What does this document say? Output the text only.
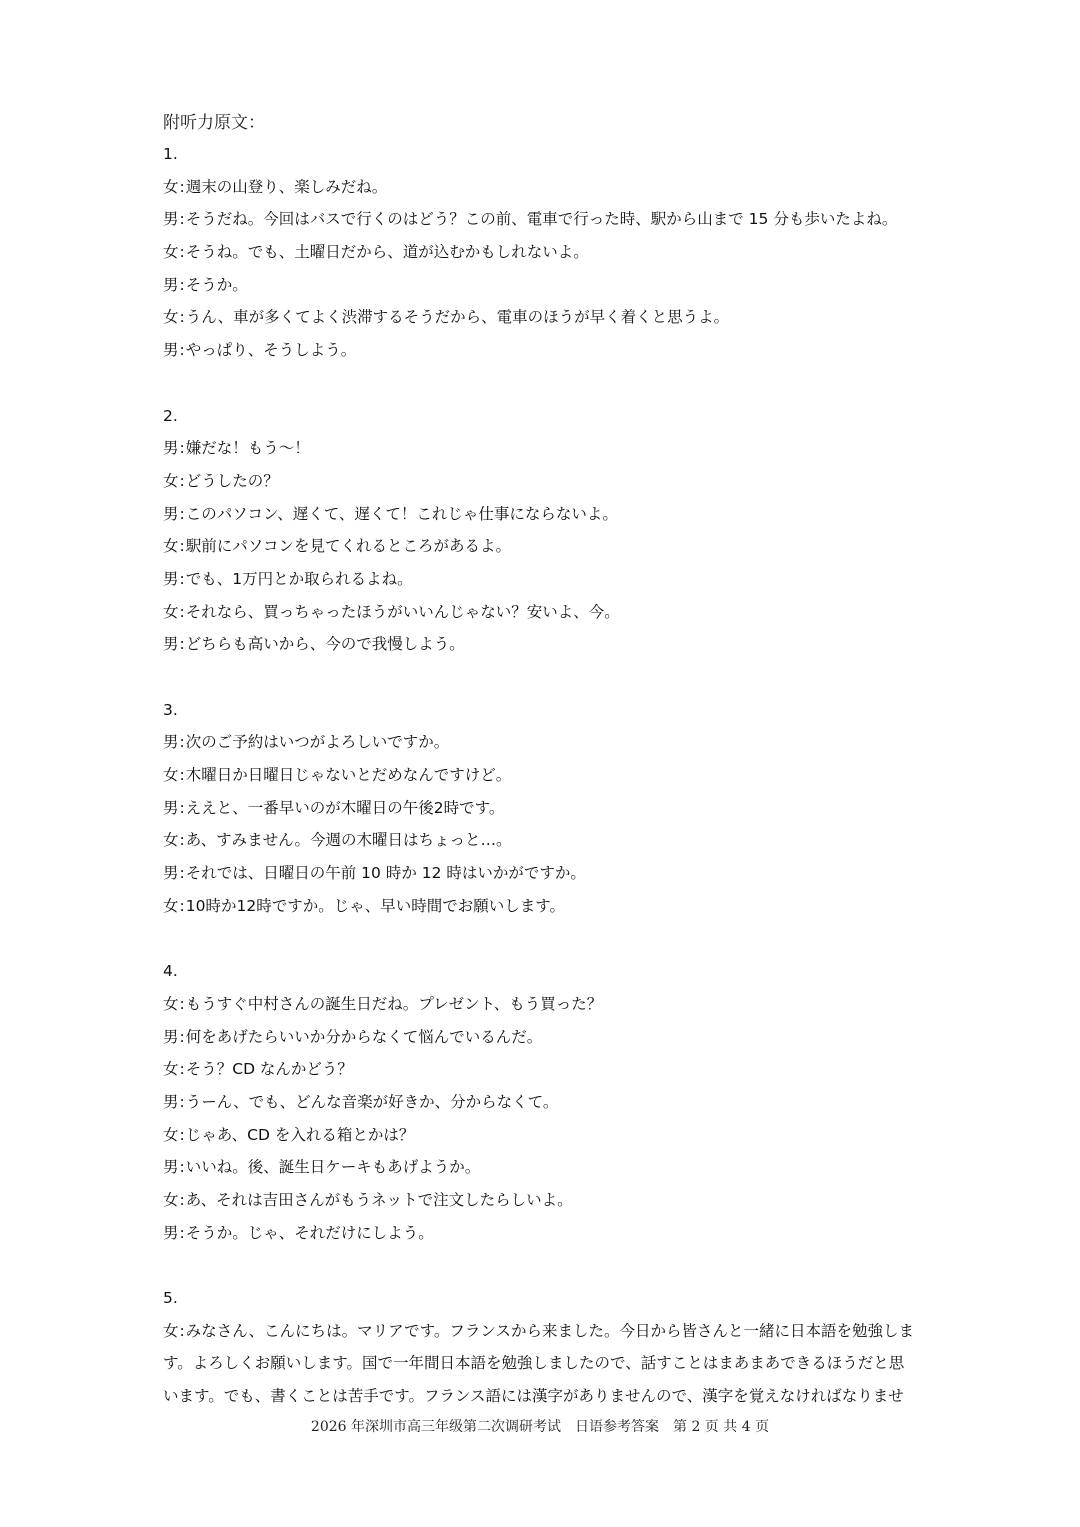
附听力原文：
1.
女:週末の山登り、楽しみだね。
男:そうだね。今回はバスで行くのはどう？この前、電車で行った時、駅から山まで 15 分も歩いたよね。
女:そうね。でも、土曜日だから、道が込むかもしれないよ。
男:そうか。
女:うん、車が多くてよく渋滞するそうだから、電車のほうが早く着くと思うよ。
男:やっぱり、そうしよう。
2.
男:嫌だな！もう～！
女:どうしたの？
男:このパソコン、遅くて、遅くて！これじゃ仕事にならないよ。
女:駅前にパソコンを見てくれるところがあるよ。
男:でも、1万円とか取られるよね。
女:それなら、買っちゃったほうがいいんじゃない？安いよ、今。
男:どちらも高いから、今ので我慢しよう。
3.
男:次のご予約はいつがよろしいですか。
女:木曜日か日曜日じゃないとだめなんですけど。
男:ええと、一番早いのが木曜日の午後2時です。
女:あ、すみません。今週の木曜日はちょっと…。
男:それでは、日曜日の午前 10 時か 12 時はいかがですか。
女:10時か12時ですか。じゃ、早い時間でお願いします。
4.
女:もうすぐ中村さんの誕生日だね。プレゼント、もう買った？
男:何をあげたらいいか分からなくて悩んでいるんだ。
女:そう？CD なんかどう？
男:うーん、でも、どんな音楽が好きか、分からなくて。
女:じゃあ、CD を入れる箱とかは？
男:いいね。後、誕生日ケーキもあげようか。
女:あ、それは吉田さんがもうネットで注文したらしいよ。
男:そうか。じゃ、それだけにしよう。
5.
女:みなさん、こんにちは。マリアです。フランスから来ました。今日から皆さんと一緒に日本語を勉強しま
す。よろしくお願いします。国で一年間日本語を勉強しましたので、話すことはまあまあできるほうだと思
います。でも、書くことは苦手です。フランス語には漢字がありませんので、漢字を覚えなければなりませ
2026 年深圳市高三年级第二次调研考试　日语参考答案　第 2 页 共 4 页
